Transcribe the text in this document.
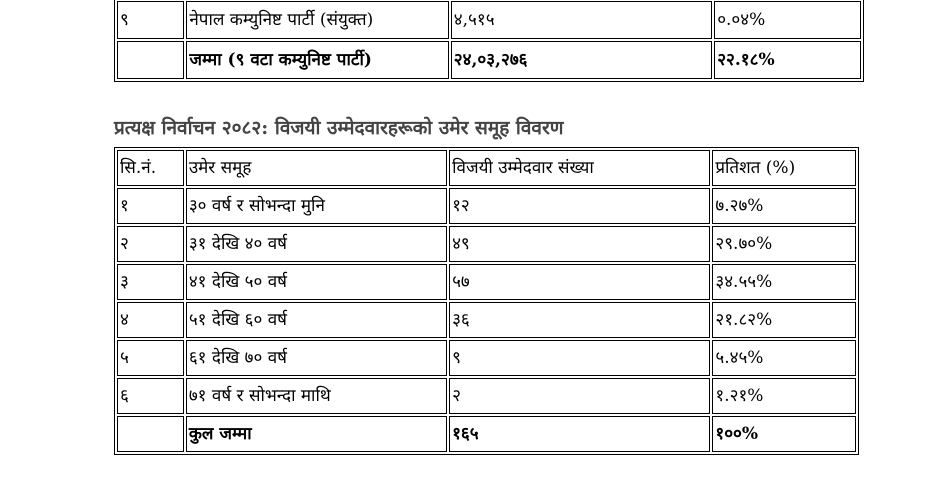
९	नेपाल कम्युनिष्ट पार्टी (संयुक्त)	४,५१५	०.०४%
	जम्मा (९ वटा कम्युनिष्ट पार्टी)	२४,०३,२७६	२२.१८%
प्रत्यक्ष निर्वाचन २०८२: विजयी उम्मेदवारहरूको उमेर समूह विवरण
सि.नं.	उमेर समूह	विजयी उम्मेदवार संख्या	प्रतिशत (%)
१	३० वर्ष र सोभन्दा मुनि	१२	७.२७%
२	३१ देखि ४० वर्ष	४९	२९.७०%
३	४१ देखि ५० वर्ष	५७	३४.५५%
४	५१ देखि ६० वर्ष	३६	२१.८२%
५	६१ देखि ७० वर्ष	९	५.४५%
६	७१ वर्ष र सोभन्दा माथि	२	१.२१%
	कुल जम्मा	१६५	१००%
